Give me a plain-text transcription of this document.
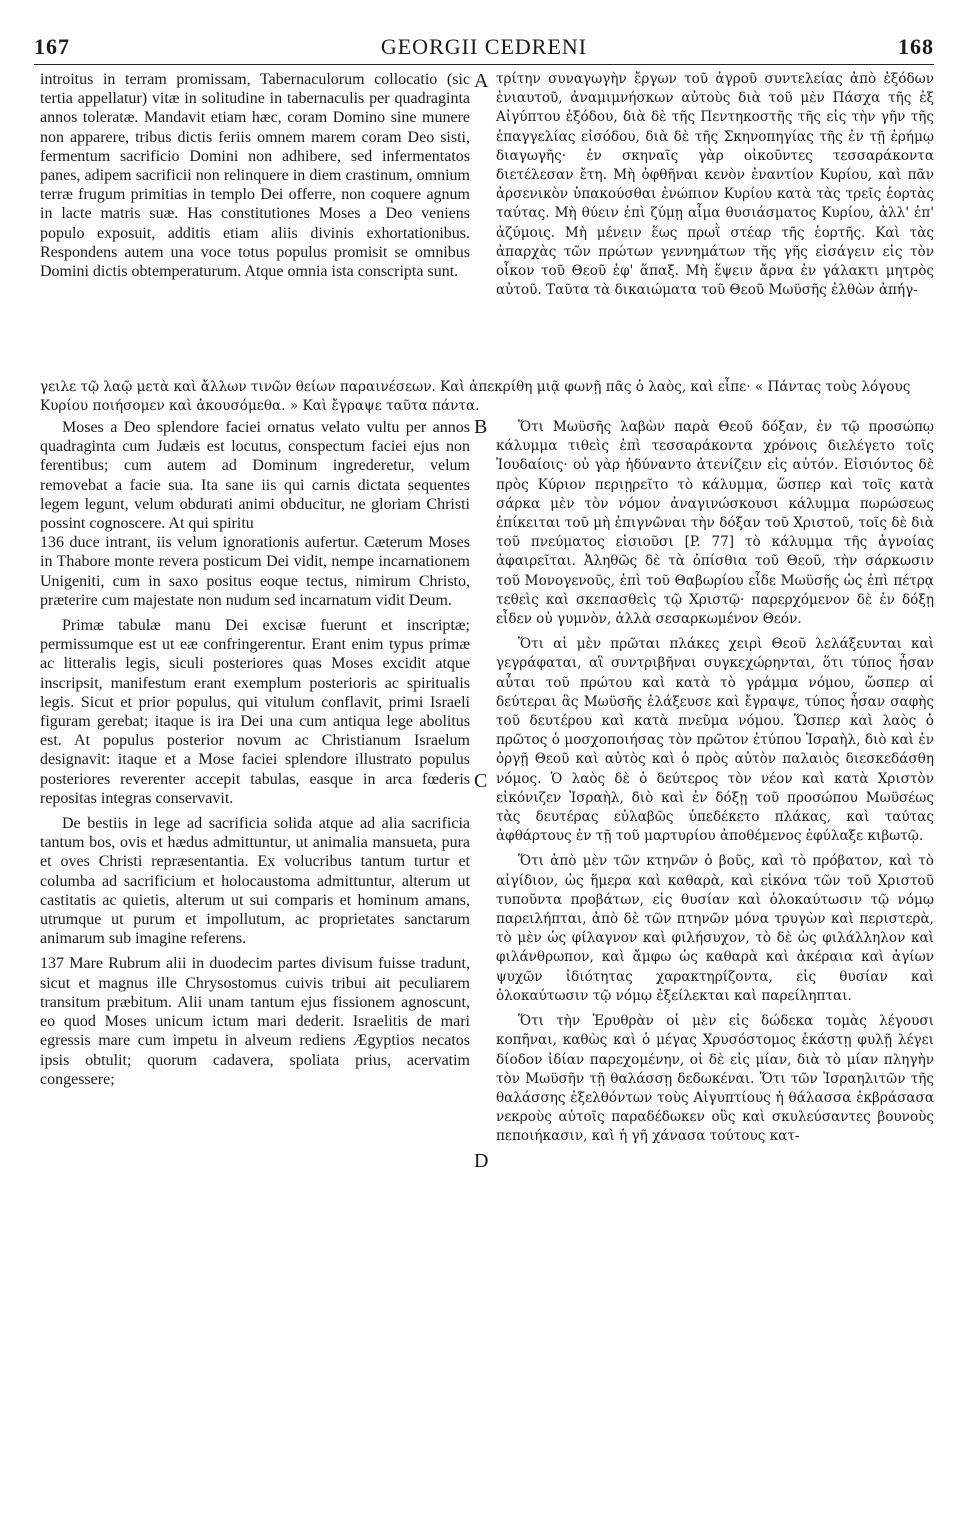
167	GEORGII CEDRENI	168
A
B
C
D

introitus in terram promissam, Tabernaculorum collocatio (sic tertia appellatur) vitæ in solitudine in tabernaculis per quadraginta annos toleratæ. Mandavit etiam hæc, coram Domino sine munere non apparere, tribus dictis feriis omnem marem coram Deo sisti, fermentum sacrificio Domini non adhibere, sed infermentatos panes, adipem sacrificii non relinquere in diem crastinum, omnium terræ frugum primitias in templo Dei offerre, non coquere agnum in lacte matris suæ. Has constitutiones Moses a Deo veniens populo exposuit, additis etiam aliis divinis exhortationibus. Respondens autem una voce totus populus promisit se omnibus Domini dictis obtemperaturum. Atque omnia ista conscripta sunt.

τρίτην συναγωγὴν ἔργων τοῦ ἀγροῦ συντελείας ἀπὸ ἐξόδων ἐνιαυτοῦ, ἀναμιμνήσκων αὐτοὺς διὰ τοῦ μὲν Πάσχα τῆς ἐξ Αἰγύπτου ἐξόδου, διὰ δὲ τῆς Πεντηκοστῆς τῆς εἰς τὴν γῆν τῆς ἐπαγγελίας εἰσόδου, διὰ δὲ τῆς Σκηνοπηγίας τῆς ἐν τῇ ἐρήμῳ διαγωγῆς· ἐν σκηναῖς γὰρ οἰκοῦντες τεσσαράκοντα διετέλεσαν ἔτη. Μὴ ὀφθῆναι κενὸν ἐναντίον Κυρίου, καὶ πᾶν ἀρσενικὸν ὑπακούσθαι ἐνώπιον Κυρίου κατὰ τὰς τρεῖς ἑορτὰς ταύτας. Μὴ θύειν ἐπὶ ζύμῃ αἷμα θυσιάσματος Κυρίου, ἀλλ' ἐπ' ἀζύμοις. Μὴ μένειν ἕως πρωῒ στέαρ τῆς ἑορτῆς. Καὶ τὰς ἀπαρχὰς τῶν πρώτων γεννημάτων τῆς γῆς εἰσάγειν εἰς τὸν οἶκον τοῦ Θεοῦ ἐφ' ἅπαξ. Μὴ ἕψειν ἄρνα ἐν γάλακτι μητρὸς αὐτοῦ. Ταῦτα τὰ δικαιώματα τοῦ Θεοῦ Μωϋσῆς ἐλθὼν ἀπήγ-

γειλε τῷ λαῷ μετὰ καὶ ἄλλων τινῶν θείων παραινέσεων. Καὶ ἀπεκρίθη μιᾷ φωνῇ πᾶς ὁ λαὸς, καὶ εἶπε· « Πάντας τοὺς λόγους Κυρίου ποιήσομεν καὶ ἀκουσόμεθα. » Καὶ ἔγραψε ταῦτα πάντα.

Moses a Deo splendore faciei ornatus velato vultu per annos quadraginta cum Judæis est locutus, conspectum faciei ejus non ferentibus; cum autem ad Dominum ingrederetur, velum removebat a facie sua. Ita sane iis qui carnis dictata sequentes legem legunt, velum obdurati animi obducitur, ne gloriam Christi possint cognoscere. At qui spiritu

136 duce intrant, iis velum ignorationis aufertur. Cæterum Moses in Thabore monte revera posticum Dei vidit, nempe incarnationem Unigeniti, cum in saxo positus eoque tectus, nimirum Christo, præterire cum majestate non nudum sed incarnatum vidit Deum.

Primæ tabulæ manu Dei excisæ fuerunt et inscriptæ; permissumque est ut eæ confringerentur. Erant enim typus primæ ac litteralis legis, siculi posteriores quas Moses excidit atque inscripsit, manifestum erant exemplum posterioris ac spiritualis legis. Sicut et prior populus, qui vitulum conflavit, primi Israeli figuram gerebat; itaque is ira Dei una cum antiqua lege abolitus est. At populus posterior novum ac Christianum Israelum designavit: itaque et a Mose faciei splendore illustrato populus posteriores reverenter accepit tabulas, easque in arca fœderis repositas integras conservavit.

De bestiis in lege ad sacrificia solida atque ad alia sacrificia tantum bos, ovis et hædus admittuntur, ut animalia mansueta, pura et oves Christi repræsentantia. Ex volucribus tantum turtur et columba ad sacrificium et holocaustoma admittuntur, alterum ut castitatis ac quietis, alterum ut sui comparis et hominum amans, utrumque ut purum et impollutum, ac proprietates sanctarum animarum sub imagine referens.

137 Mare Rubrum alii in duodecim partes divisum fuisse tradunt, sicut et magnus ille Chrysostomus cuivis tribui ait peculiarem transitum præbitum. Alii unam tantum ejus fissionem agnoscunt, eo quod Moses unicum ictum mari dederit. Israelitis de mari egressis mare cum impetu in alveum rediens Ægyptios necatos ipsis obtulit; quorum cadavera, spoliata prius, acervatim congessere;

Ὅτι Μωϋσῆς λαβὼν παρὰ Θεοῦ δόξαν, ἐν τῷ προσώπῳ κάλυμμα τιθεὶς ἐπὶ τεσσαράκοντα χρόνοις διελέγετο τοῖς Ἰουδαίοις· οὐ γὰρ ἠδύναντο ἀτενίζειν εἰς αὐτόν. Εἰσιόντος δὲ πρὸς Κύριον περιῃρεῖτο τὸ κάλυμμα, ὥσπερ καὶ τοῖς κατὰ σάρκα μὲν τὸν νόμον ἀναγινώσκουσι κάλυμμα πωρώσεως ἐπίκειται τοῦ μὴ ἐπιγνῶναι τὴν δόξαν τοῦ Χριστοῦ, τοῖς δὲ διὰ τοῦ πνεύματος εἰσιοῦσι [P. 77] τὸ κάλυμμα τῆς ἀγνοίας ἀφαιρεῖται. Ἀληθῶς δὲ τὰ ὀπίσθια τοῦ Θεοῦ, τὴν σάρκωσιν τοῦ Μονογενοῦς, ἐπὶ τοῦ Θαβωρίου εἶδε Μωϋσῆς ὡς ἐπὶ πέτρᾳ τεθεὶς καὶ σκεπασθεὶς τῷ Χριστῷ· παρερχόμενον δὲ ἐν δόξῃ εἶδεν οὐ γυμνὸν, ἀλλὰ σεσαρκωμένον Θεόν.

Ὅτι αἱ μὲν πρῶται πλάκες χειρὶ Θεοῦ λελάξευνται καὶ γεγράφαται, αἳ συντριβῆναι συγκεχώρηνται, ὅτι τύπος ἦσαν αὗται τοῦ πρώτου καὶ κατὰ τὸ γράμμα νόμου, ὥσπερ αἱ δεύτεραι ἃς Μωϋσῆς ἐλάξευσε καὶ ἔγραψε, τύπος ἦσαν σαφὴς τοῦ δευτέρου καὶ κατὰ πνεῦμα νόμου. Ὥσπερ καὶ λαὸς ὁ πρῶτος ὁ μοσχοποιήσας τὸν πρῶτον ἐτύπου Ἰσραὴλ, διὸ καὶ ἐν ὀργῇ Θεοῦ καὶ αὐτὸς καὶ ὁ πρὸς αὐτὸν παλαιὸς διεσκεδάσθη νόμος. Ὁ λαὸς δὲ ὁ δεύτερος τὸν νέον καὶ κατὰ Χριστὸν εἰκόνιζεν Ἰσραὴλ, διὸ καὶ ἐν δόξῃ τοῦ προσώπου Μωϋσέως τὰς δευτέρας εὐλαβῶς ὑπεδέκετο πλάκας, καὶ ταύτας ἀφθάρτους ἐν τῇ τοῦ μαρτυρίου ἀποθέμενος ἐφύλαξε κιβωτῷ.

Ὅτι ἀπὸ μὲν τῶν κτηνῶν ὁ βοῦς, καὶ τὸ πρόβατον, καὶ τὸ αἰγίδιον, ὡς ἥμερα καὶ καθαρὰ, καὶ εἰκόνα τῶν τοῦ Χριστοῦ τυποῦντα προβάτων, εἰς θυσίαν καὶ ὁλοκαύτωσιν τῷ νόμῳ παρειλήπται, ἀπὸ δὲ τῶν πτηνῶν μόνα τρυγὼν καὶ περιστερὰ, τὸ μὲν ὡς φίλαγνον καὶ φιλήσυχον, τὸ δὲ ὡς φιλάλληλον καὶ φιλάνθρωπον, καὶ ἄμφω ὡς καθαρὰ καὶ ἀκέραια καὶ ἁγίων ψυχῶν ἰδιότητας χαρακτηρίζοντα, εἰς θυσίαν καὶ ὁλοκαύτωσιν τῷ νόμῳ ἐξείλεκται καὶ παρείληπται.

Ὅτι τὴν Ἐρυθρὰν οἱ μὲν εἰς δώδεκα τομὰς λέγουσι κοπῆναι, καθὼς καὶ ὁ μέγας Χρυσόστομος ἑκάστῃ φυλῇ λέγει δίοδον ἰδίαν παρεχομένην, οἱ δὲ εἰς μίαν, διὰ τὸ μίαν πληγὴν τὸν Μωϋσῆν τῇ θαλάσσῃ δεδωκέναι. Ὅτι τῶν Ἰσραηλιτῶν τῆς θαλάσσης ἐξελθόντων τοὺς Αἰγυπτίους ἡ θάλασσα ἐκβράσασα νεκροὺς αὐτοῖς παραδέδωκεν οὓς καὶ σκυλεύσαντες βουνοὺς πεποιήκασιν, καὶ ἡ γῆ χάνασα τούτους κατ-
